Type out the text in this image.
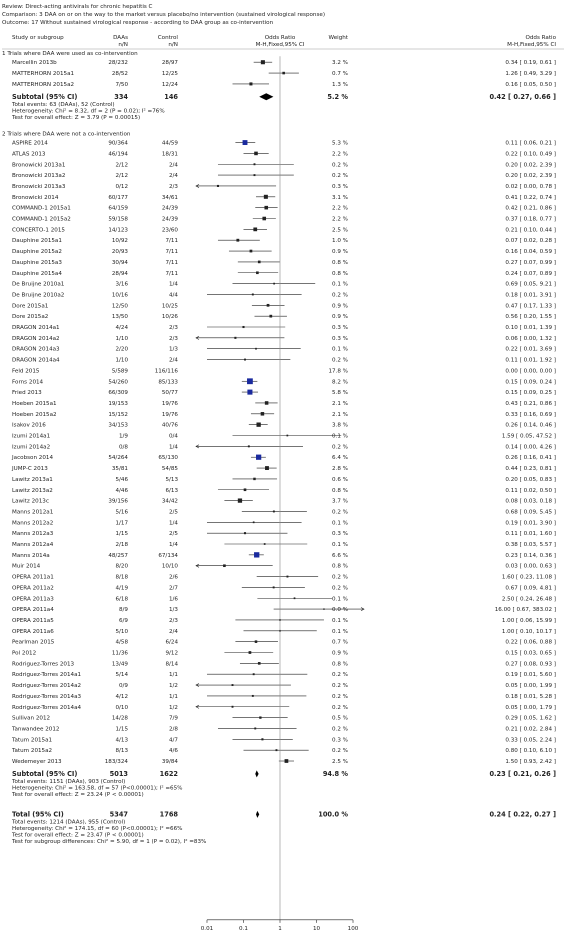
Review: Direct-acting antivirals for chronic hepatitis C
Comparison: 3 DAA on or on the way to the market versus placebo/no intervention (sustained virological response)
Outcome: 17 Without sustained virological response - according to DAA group as co-intervention
Study or subgroup	DAAs
n/N
Control
n/N
Odds Ratio
M-H,Fixed,95% CI
Weight	Odds Ratio
M-H,Fixed,95% CI
1 Trials where DAA were used as co-intervention
Marcellin 2013b	28/232	28/97	3.2 %	0.34 [ 0.19, 0.61 ]
MATTERHORN 2015a1	28/52	12/25	0.7 %	1.26 [ 0.49, 3.29 ]
MATTERHORN 2015a2	7/50	12/24	1.3 %	0.16 [ 0.05, 0.50 ]
Subtotal (95% CI)	334	146	5.2 %	0.42 [ 0.27, 0.66 ]
Total events: 63 (DAAs), 52 (Control)
Heterogeneity: Chi² = 8.32, df = 2 (P = 0.02); I² =76%
Test for overall effect: Z = 3.79 (P = 0.00015)
2 Trials where DAA were not a co-intervention
ASPIRE 2014	90/364	44/59	5.3 %	0.11 [ 0.06, 0.21 ]
ATLAS 2013	46/194	18/31	2.2 %	0.22 [ 0.10, 0.49 ]
Bronowicki 2013a1	2/12	2/4	0.2 %	0.20 [ 0.02, 2.39 ]
Bronowicki 2013a2	2/12	2/4	0.2 %	0.20 [ 0.02, 2.39 ]
Bronowicki 2013a3	0/12	2/3	0.3 %	0.02 [ 0.00, 0.78 ]
Bronowicki 2014	60/177	34/61	3.1 %	0.41 [ 0.22, 0.74 ]
COMMAND-1 2015a1	64/159	24/39	2.2 %	0.42 [ 0.21, 0.86 ]
COMMAND-1 2015a2	59/158	24/39	2.2 %	0.37 [ 0.18, 0.77 ]
CONCERTO-1 2015	14/123	23/60	2.5 %	0.21 [ 0.10, 0.44 ]
Dauphine 2015a1	10/92	7/11	1.0 %	0.07 [ 0.02, 0.28 ]
Dauphine 2015a2	20/93	7/11	0.9 %	0.16 [ 0.04, 0.59 ]
Dauphine 2015a3	30/94	7/11	0.8 %	0.27 [ 0.07, 0.99 ]
Dauphine 2015a4	28/94	7/11	0.8 %	0.24 [ 0.07, 0.89 ]
De Bruijne 2010a1	3/16	1/4	0.1 %	0.69 [ 0.05, 9.21 ]
De Bruijne 2010a2	10/16	4/4	0.2 %	0.18 [ 0.01, 3.91 ]
Dore 2015a1	12/50	10/25	0.9 %	0.47 [ 0.17, 1.33 ]
Dore 2015a2	13/50	10/26	0.9 %	0.56 [ 0.20, 1.55 ]
DRAGON 2014a1	4/24	2/3	0.3 %	0.10 [ 0.01, 1.39 ]
DRAGON 2014a2	1/10	2/3	0.3 %	0.06 [ 0.00, 1.32 ]
DRAGON 2014a3	2/20	1/3	0.1 %	0.22 [ 0.01, 3.69 ]
DRAGON 2014a4	1/10	2/4	0.2 %	0.11 [ 0.01, 1.92 ]
Feld 2015	5/589	116/116	17.8 %	0.00 [ 0.00, 0.00 ]
Forns 2014	54/260	85/133	8.2 %	0.15 [ 0.09, 0.24 ]
Fried 2013	66/309	50/77	5.8 %	0.15 [ 0.09, 0.25 ]
Hoeben 2015a1	19/153	19/76	2.1 %	0.43 [ 0.21, 0.86 ]
Hoeben 2015a2	15/152	19/76	2.1 %	0.33 [ 0.16, 0.69 ]
Isakov 2016	34/153	40/76	3.8 %	0.26 [ 0.14, 0.46 ]
Izumi 2014a1	1/9	0/4	0.1 %	1.59 [ 0.05, 47.52 ]
Izumi 2014a2	0/8	1/4	0.2 %	0.14 [ 0.00, 4.26 ]
Jacobson 2014	54/264	65/130	6.4 %	0.26 [ 0.16, 0.41 ]
JUMP-C 2013	35/81	54/85	2.8 %	0.44 [ 0.23, 0.81 ]
Lawitz 2013a1	5/46	5/13	0.6 %	0.20 [ 0.05, 0.83 ]
Lawitz 2013a2	4/46	6/13	0.8 %	0.11 [ 0.02, 0.50 ]
Lawitz 2013c	39/156	34/42	3.7 %	0.08 [ 0.03, 0.18 ]
Manns 2012a1	5/16	2/5	0.2 %	0.68 [ 0.09, 5.45 ]
Manns 2012a2	1/17	1/4	0.1 %	0.19 [ 0.01, 3.90 ]
Manns 2012a3	1/15	2/5	0.3 %	0.11 [ 0.01, 1.60 ]
Manns 2012a4	2/18	1/4	0.1 %	0.38 [ 0.03, 5.57 ]
Manns 2014a	48/257	67/134	6.6 %	0.23 [ 0.14, 0.36 ]
Muir 2014	8/20	10/10	0.8 %	0.03 [ 0.00, 0.63 ]
OPERA 2011a1	8/18	2/6	0.2 %	1.60 [ 0.23, 11.08 ]
OPERA 2011a2	4/19	2/7	0.2 %	0.67 [ 0.09, 4.81 ]
OPERA 2011a3	6/18	1/6	0.1 %	2.50 [ 0.24, 26.48 ]
OPERA 2011a4	8/9	1/3	0.0 %	16.00 [ 0.67, 383.02 ]
OPERA 2011a5	6/9	2/3	0.1 %	1.00 [ 0.06, 15.99 ]
OPERA 2011a6	5/10	2/4	0.1 %	1.00 [ 0.10, 10.17 ]
Pearlman 2015	4/58	6/24	0.7 %	0.22 [ 0.06, 0.88 ]
Pol 2012	11/36	9/12	0.9 %	0.15 [ 0.03, 0.65 ]
Rodriguez-Torres 2013	13/49	8/14	0.8 %	0.27 [ 0.08, 0.93 ]
Rodriguez-Torres 2014a1	5/14	1/1	0.2 %	0.19 [ 0.01, 5.60 ]
Rodriguez-Torres 2014a2	0/9	1/2	0.2 %	0.05 [ 0.00, 1.99 ]
Rodriguez-Torres 2014a3	4/12	1/1	0.2 %	0.18 [ 0.01, 5.28 ]
Rodriguez-Torres 2014a4	0/10	1/2	0.2 %	0.05 [ 0.00, 1.79 ]
Sullivan 2012	14/28	7/9	0.5 %	0.29 [ 0.05, 1.62 ]
Tanwandee 2012	1/15	2/8	0.2 %	0.21 [ 0.02, 2.84 ]
Tatum 2015a1	4/13	4/7	0.3 %	0.33 [ 0.05, 2.24 ]
Tatum 2015a2	8/13	4/6	0.2 %	0.80 [ 0.10, 6.10 ]
Wedemeyer 2013	183/324	39/84	2.5 %	1.50 [ 0.93, 2.42 ]
Subtotal (95% CI)	5013	1622	94.8 %	0.23 [ 0.21, 0.26 ]
Total events: 1151 (DAAs), 903 (Control)
Heterogeneity: Chi² = 163.58, df = 57 (P<0.00001); I² =65%
Test for overall effect: Z = 23.24 (P < 0.00001)
Total (95% CI)	5347	1768	100.0 %	0.24 [ 0.22, 0.27 ]
Total events: 1214 (DAAs), 955 (Control)
Heterogeneity: Chi² = 174.15, df = 60 (P<0.00001); I² =66%
Test for overall effect: Z = 23.47 (P < 0.00001)
Test for subgroup differences: Chi² = 5.90, df = 1 (P = 0.02), I² =83%
0.01	0.1	1	10	100
